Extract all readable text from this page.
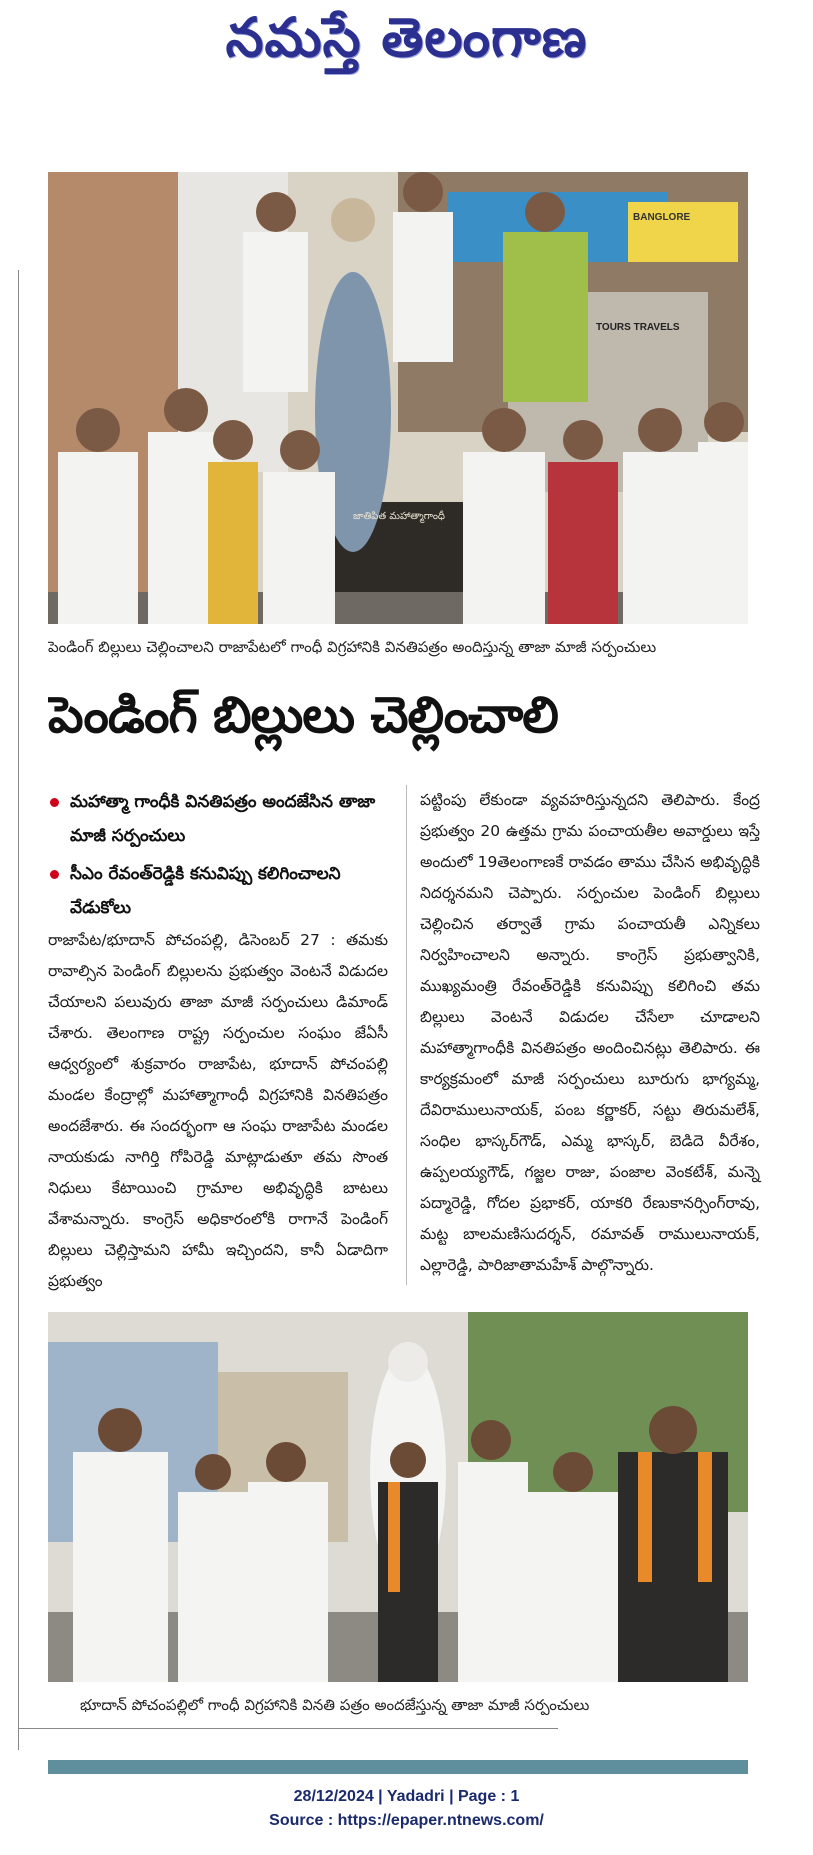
నమస్తే తెలంగాణ
జాతిపిత మహాత్మాగాంధీ
BANGLORE
TOURS TRAVELS
పెండింగ్ బిల్లులు చెల్లించాలని రాజాపేటలో గాంధీ విగ్రహానికి వినతిపత్రం అందిస్తున్న తాజా మాజీ సర్పంచులు
పెండింగ్ బిల్లులు చెల్లించాలి
మహాత్మా గాంధీకి వినతిపత్రం అందజేసిన తాజా మాజీ సర్పంచులు
సీఎం రేవంత్‌రెడ్డికి కనువిప్పు కలిగించాలని వేడుకోలు

రాజాపేట/భూదాన్ పోచంపల్లి, డిసెంబర్ 27 : తమకు రావాల్సిన పెండింగ్ బిల్లులను ప్రభుత్వం వెంటనే విడుదల చేయాలని పలువురు తాజా మాజీ సర్పంచులు డిమాండ్ చేశారు. తెలంగాణ రాష్ట్ర సర్పంచుల సంఘం జేఏసీ ఆధ్వర్యంలో శుక్రవారం రాజాపేట, భూదాన్ పోచంపల్లి మండల కేంద్రాల్లో మహాత్మాగాంధీ విగ్రహానికి వినతిపత్రం అందజేశారు. ఈ సందర్భంగా ఆ సంఘ రాజాపేట మండల నాయకుడు నాగిర్తి గోపిరెడ్డి మాట్లాడుతూ తమ సొంత నిధులు కేటాయించి గ్రామాల అభివృద్ధికి బాటలు వేశామన్నారు. కాంగ్రెస్ అధికారంలోకి రాగానే పెండింగ్ బిల్లులు చెల్లిస్తామని హామీ ఇచ్చిందని, కానీ ఏడాదిగా ప్రభుత్వం

పట్టింపు లేకుండా వ్యవహరిస్తున్నదని తెలిపారు. కేంద్ర ప్రభుత్వం 20 ఉత్తమ గ్రామ పంచాయతీల అవార్డులు ఇస్తే అందులో 19తెలంగాణకే రావడం తాము చేసిన అభివృద్ధికి నిదర్శనమని చెప్పారు. సర్పంచుల పెండింగ్ బిల్లులు చెల్లించిన తర్వాతే గ్రామ పంచాయతీ ఎన్నికలు నిర్వహించాలని అన్నారు. కాంగ్రెస్ ప్రభుత్వానికి, ముఖ్యమంత్రి రేవంత్‌రెడ్డికి కనువిప్పు కలిగించి తమ బిల్లులు వెంటనే విడుదల చేసేలా చూడాలని మహాత్మాగాంధీకి వినతిపత్రం అందించినట్లు తెలిపారు. ఈ కార్యక్రమంలో మాజీ సర్పంచులు బూరుగు భాగ్యమ్మ, దేవిరాములునాయక్, పంబ కర్ణాకర్, సట్టు తిరుమలేశ్, సంధిల భాస్కర్‌గౌడ్, ఎమ్మ భాస్కర్, బెడిదె వీరేశం, ఉప్పలయ్యగౌడ్, గజ్జల రాజు, పంజాల వెంకటేశ్, మన్నె పద్మారెడ్డి, గోదల ప్రభాకర్, యాకరి రేణుకానర్సింగ్‌రావు, మట్ట బాలమణిసుదర్శన్, రమావత్ రాములునాయక్, ఎల్లారెడ్డి, పారిజాతామహేశ్ పాల్గొన్నారు.

భూదాన్ పోచంపల్లిలో గాంధీ విగ్రహానికి వినతి పత్రం అందజేస్తున్న తాజా మాజీ సర్పంచులు
28/12/2024 | Yadadri | Page : 1
Source : https://epaper.ntnews.com/
